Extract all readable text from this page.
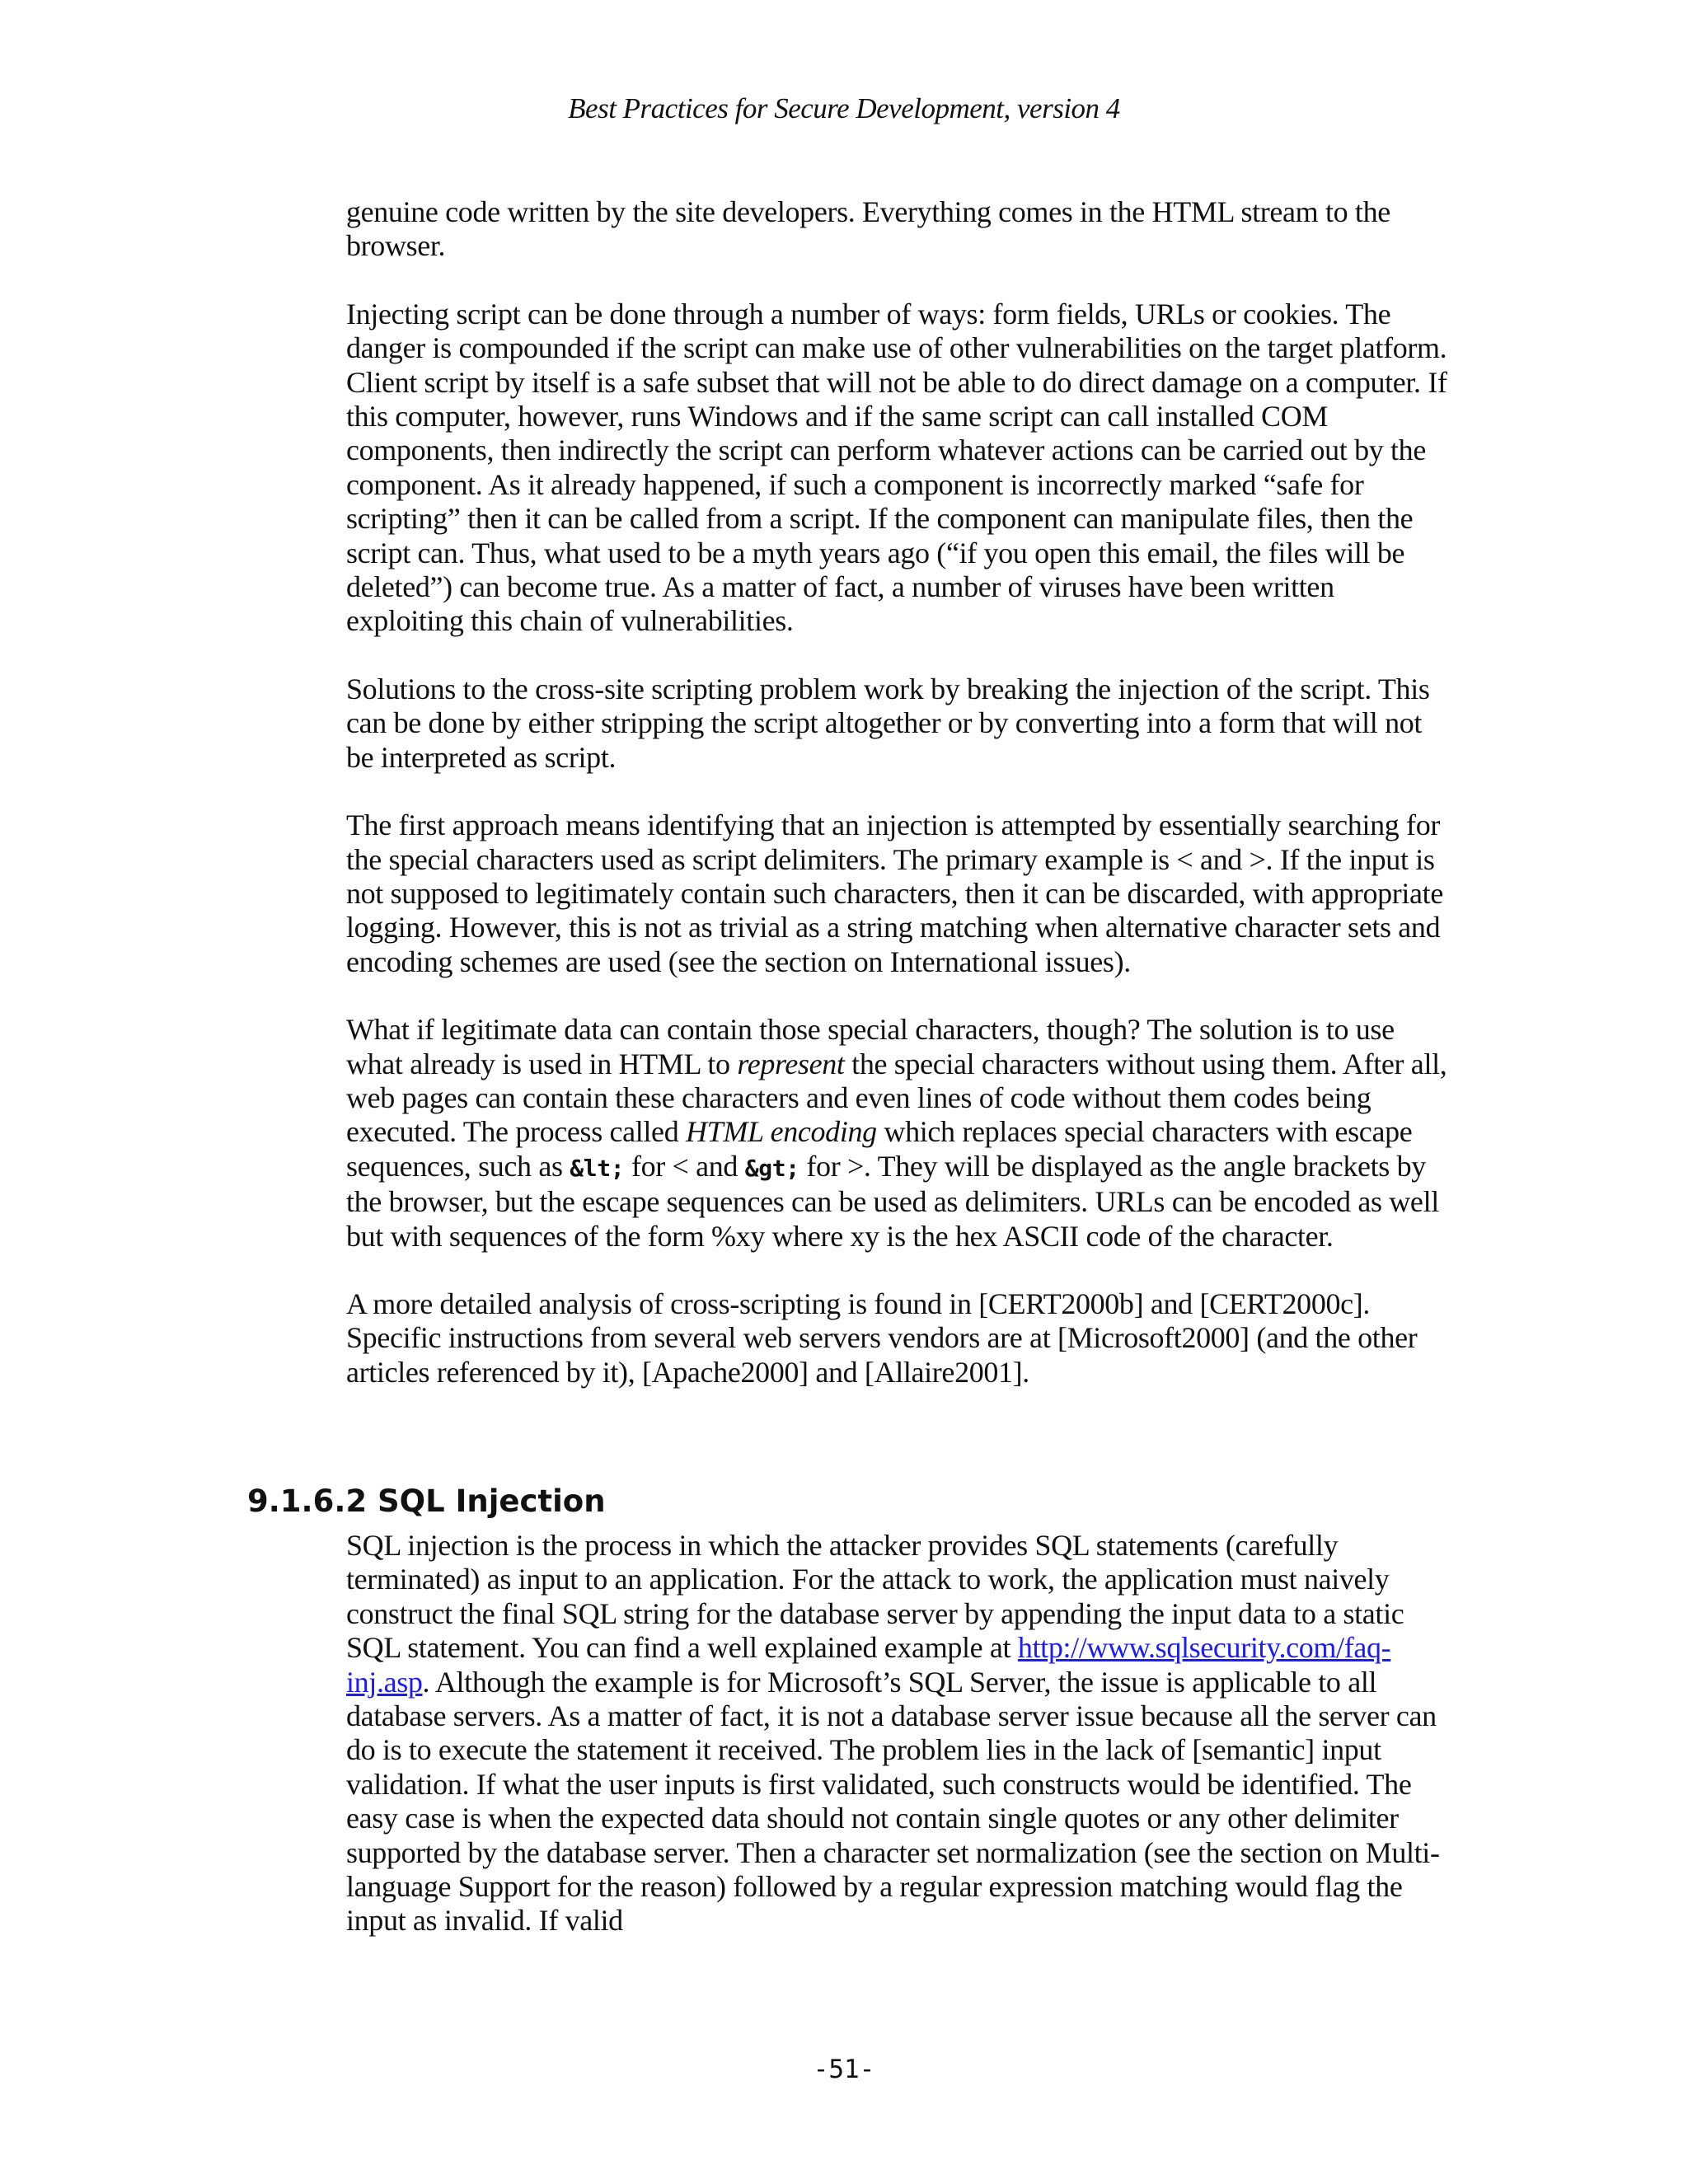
Best Practices for Secure Development, version 4

genuine code written by the site developers. Everything comes in the HTML stream to the browser.

Injecting script can be done through a number of ways: form fields, URLs or cookies. The danger is compounded if the script can make use of other vulnerabilities on the target platform. Client script by itself is a safe subset that will not be able to do direct damage on a computer. If this computer, however, runs Windows and if the same script can call installed COM components, then indirectly the script can perform whatever actions can be carried out by the component. As it already happened, if such a component is incorrectly marked “safe for scripting” then it can be called from a script. If the component can manipulate files, then the script can. Thus, what used to be a myth years ago (“if you open this email, the files will be deleted”) can become true. As a matter of fact, a number of viruses have been written exploiting this chain of vulnerabilities.

Solutions to the cross-site scripting problem work by breaking the injection of the script. This can be done by either stripping the script altogether or by converting into a form that will not be interpreted as script.

The first approach means identifying that an injection is attempted by essentially searching for the special characters used as script delimiters. The primary example is < and >. If the input is not supposed to legitimately contain such characters, then it can be discarded, with appropriate logging. However, this is not as trivial as a string matching when alternative character sets and encoding schemes are used (see the section on International issues).

What if legitimate data can contain those special characters, though? The solution is to use what already is used in HTML to represent the special characters without using them. After all, web pages can contain these characters and even lines of code without them codes being executed. The process called HTML encoding which replaces special characters with escape sequences, such as &lt; for < and &gt; for >. They will be displayed as the angle brackets by the browser, but the escape sequences can be used as delimiters. URLs can be encoded as well but with sequences of the form %xy where xy is the hex ASCII code of the character.

A more detailed analysis of cross-scripting is found in [CERT2000b] and [CERT2000c]. Specific instructions from several web servers vendors are at [Microsoft2000] (and the other articles referenced by it), [Apache2000] and [Allaire2001].

9.1.6.2 SQL Injection

SQL injection is the process in which the attacker provides SQL statements (carefully terminated) as input to an application. For the attack to work, the application must naively construct the final SQL string for the database server by appending the input data to a static SQL statement. You can find a well explained example at http://www.sqlsecurity.com/faq-inj.asp. Although the example is for Microsoft’s SQL Server, the issue is applicable to all database servers. As a matter of fact, it is not a database server issue because all the server can do is to execute the statement it received. The problem lies in the lack of [semantic] input validation. If what the user inputs is first validated, such constructs would be identified. The easy case is when the expected data should not contain single quotes or any other delimiter supported by the database server. Then a character set normalization (see the section on Multi-language Support for the reason) followed by a regular expression matching would flag the input as invalid. If valid

-51-
